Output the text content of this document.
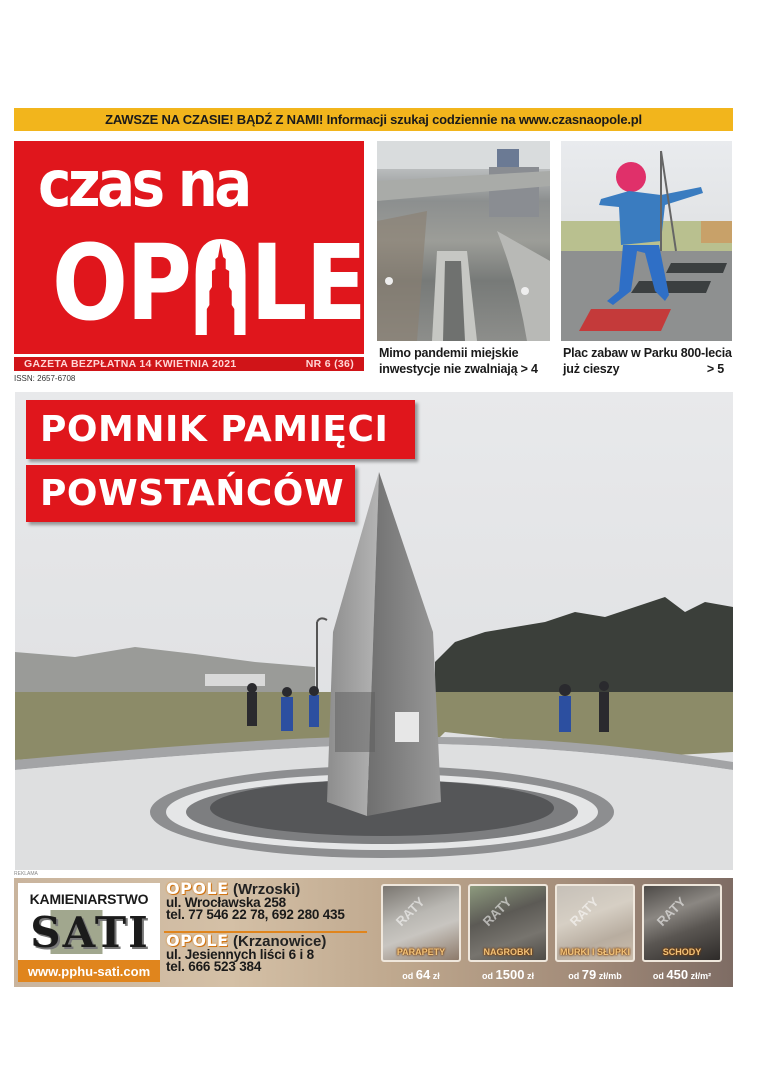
ZAWSZE NA CZASIE! BĄDŹ Z NAMI! Informacji szukaj codziennie na www.czasnaopole.pl
czas na
OP LE
GAZETA BEZPŁATNA 14 KWIETNIA 2021	NR 6 (36)
ISSN: 2657-6708
Mimo pandemii miejskie inwestycje nie zwalniają > 4
Plac zabaw w Parku 800-lecia już cieszy	> 5
POMNIK PAMIĘCI
POWSTAŃCÓW
REKLAMA
KAMIENIARSTWO
SATI
www.pphu-sati.com
OPOLE (Wrzoski)
ul. Wrocławska 258
tel. 77 546 22 78, 692 280 435
OPOLE (Krzanowice)
ul. Jesiennych liści 6 i 8
tel. 666 523 384
RATY
PARAPETY
od 64 zł
RATY
NAGROBKI
od 1500 zł
RATY
MURKI I SŁUPKI
od 79 zł/mb
RATY
SCHODY
od 450 zł/m²
